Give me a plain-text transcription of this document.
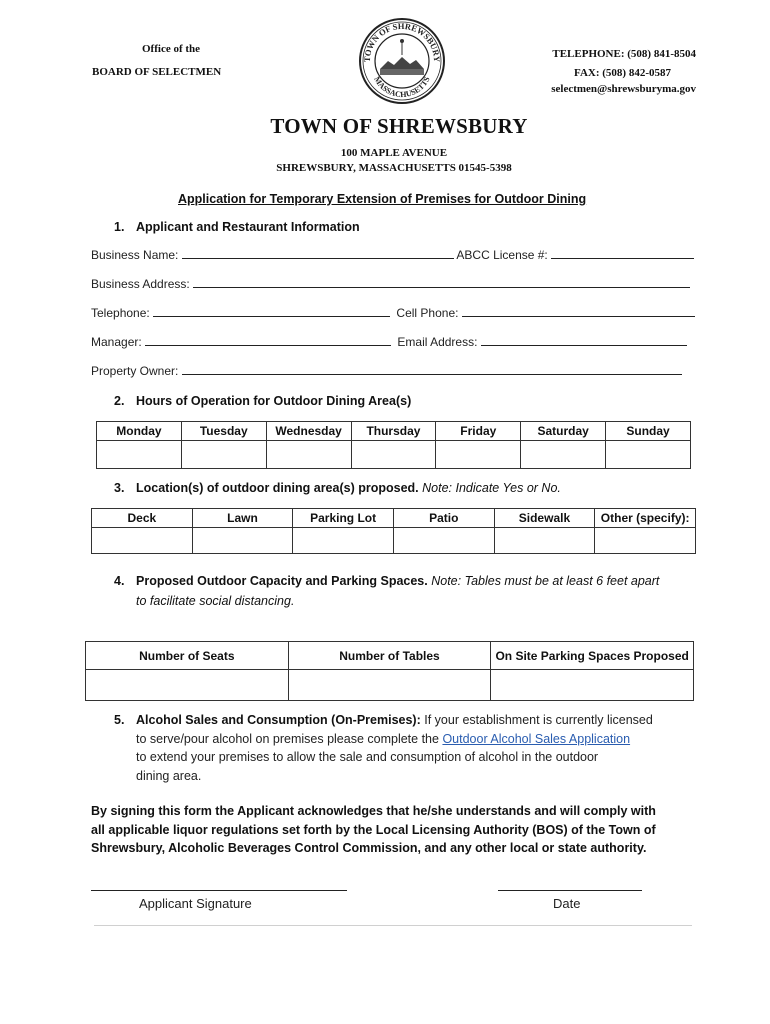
Office of the
BOARD OF SELECTMEN
TOWN OF SHREWSBURY
MASSACHUSETTS
TELEPHONE: (508) 841-8504
FAX: (508) 842-0587
selectmen@shrewsburyma.gov
TOWN OF SHREWSBURY
100 MAPLE AVENUE
SHREWSBURY, MASSACHUSETTS 01545-5398
Application for Temporary Extension of Premises for Outdoor Dining
1. Applicant and Restaurant Information
Business Name:	ABCC License #:
Business Address:
Telephone:	Cell Phone:
Manager:	Email Address:
Property Owner:
2. Hours of Operation for Outdoor Dining Area(s)
Monday	Tuesday	Wednesday	Thursday	Friday	Saturday	Sunday

3. Location(s) of outdoor dining area(s) proposed. Note: Indicate Yes or No.
Deck	Lawn	Parking Lot	Patio	Sidewalk	Other (specify):

4. Proposed Outdoor Capacity and Parking Spaces. Note: Tables must be at least 6 feet apart
to facilitate social distancing.
Number of Seats	Number of Tables	On Site Parking Spaces Proposed

5. Alcohol Sales and Consumption (On-Premises): If your establishment is currently licensed
to serve/pour alcohol on premises please complete the Outdoor Alcohol Sales Application
to extend your premises to allow the sale and consumption of alcohol in the outdoor
dining area.
By signing this form the Applicant acknowledges that he/she understands and will comply with
all applicable liquor regulations set forth by the Local Licensing Authority (BOS) of the Town of
Shrewsbury, Alcoholic Beverages Control Commission, and any other local or state authority.
Applicant Signature	Date
